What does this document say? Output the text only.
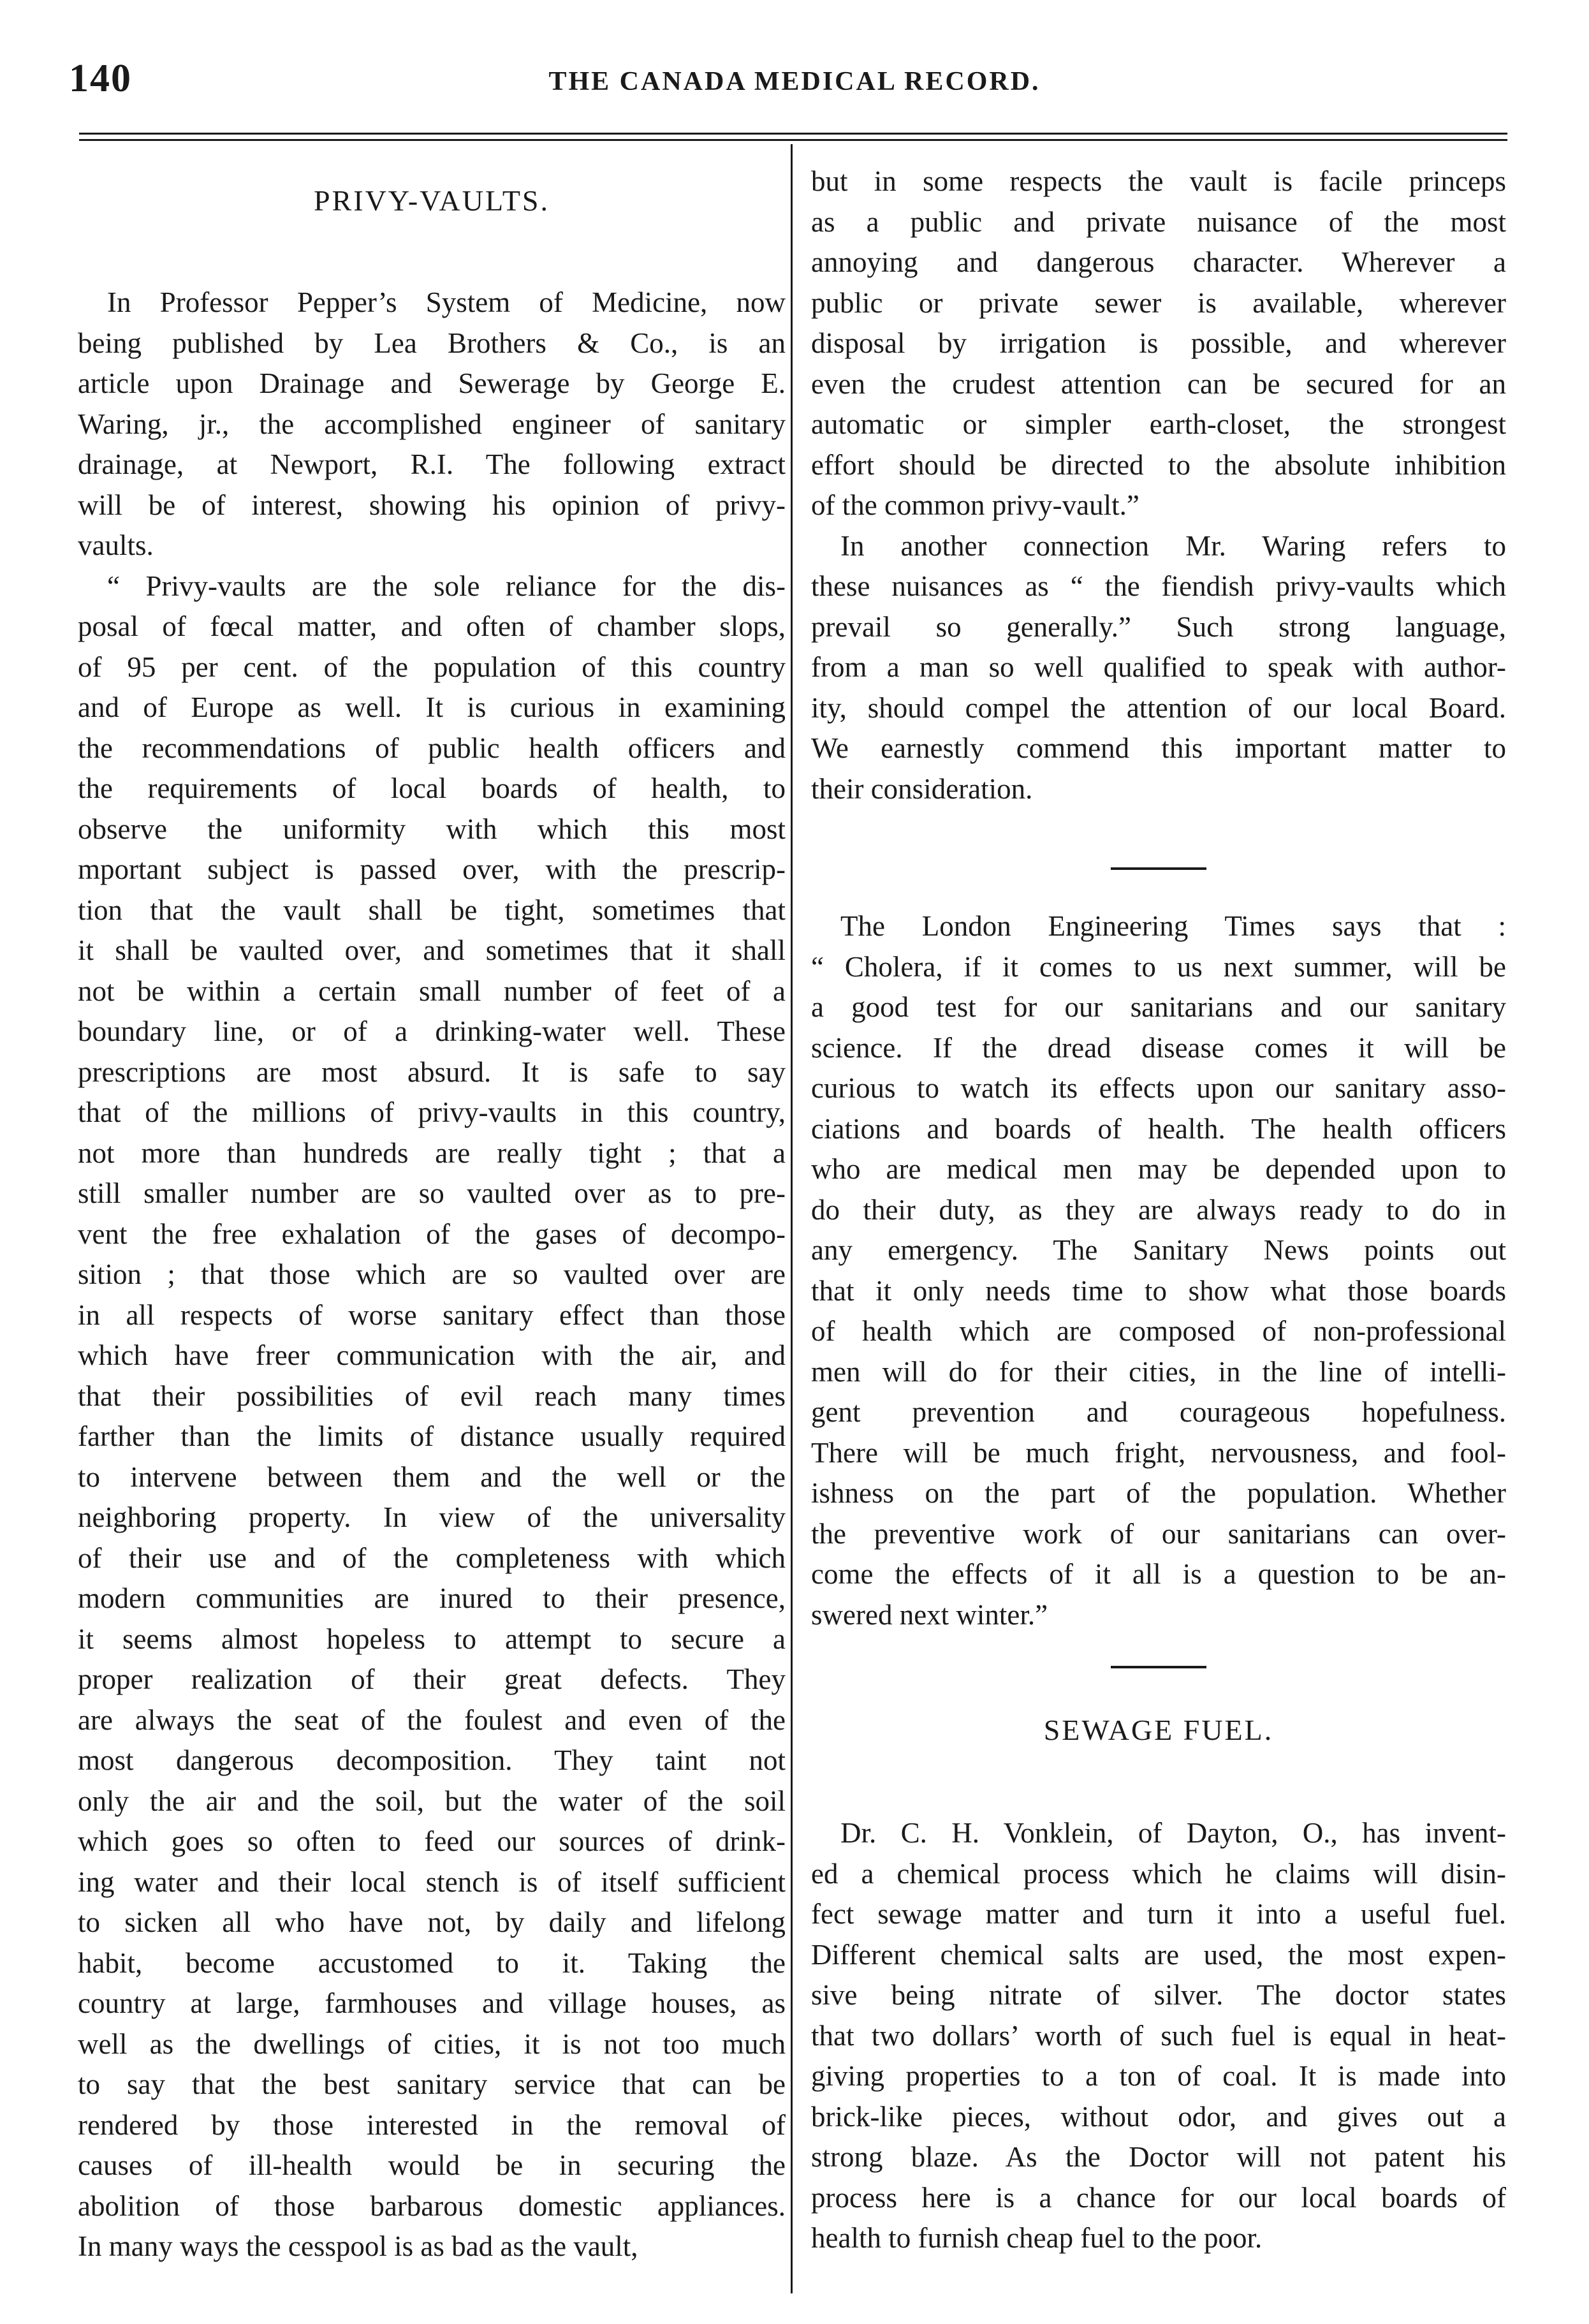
140	THE CANADA MEDICAL RECORD.
PRIVY-VAULTS.
In Professor Pepper’s System of Medicine, now
being published by Lea Brothers & Co., is an
article upon Drainage and Sewerage by George E.
Waring, jr., the accomplished engineer of sanitary
drainage, at Newport, R.I. The following extract
will be of interest, showing his opinion of privy-
vaults.
“ Privy-vaults are the sole reliance for the dis-
posal of fœcal matter, and often of chamber slops,
of 95 per cent. of the population of this country
and of Europe as well. It is curious in examining
the recommendations of public health officers and
the requirements of local boards of health, to
observe the uniformity with which this most
mportant subject is passed over, with the prescrip-
tion that the vault shall be tight, sometimes that
it shall be vaulted over, and sometimes that it shall
not be within a certain small number of feet of a
boundary line, or of a drinking-water well. These
prescriptions are most absurd. It is safe to say
that of the millions of privy-vaults in this country,
not more than hundreds are really tight ; that a
still smaller number are so vaulted over as to pre-
vent the free exhalation of the gases of decompo-
sition ; that those which are so vaulted over are
in all respects of worse sanitary effect than those
which have freer communication with the air, and
that their possibilities of evil reach many times
farther than the limits of distance usually required
to intervene between them and the well or the
neighboring property. In view of the universality
of their use and of the completeness with which
modern communities are inured to their presence,
it seems almost hopeless to attempt to secure a
proper realization of their great defects. They
are always the seat of the foulest and even of the
most dangerous decomposition. They taint not
only the air and the soil, but the water of the soil
which goes so often to feed our sources of drink-
ing water and their local stench is of itself sufficient
to sicken all who have not, by daily and lifelong
habit, become accustomed to it. Taking the
country at large, farmhouses and village houses, as
well as the dwellings of cities, it is not too much
to say that the best sanitary service that can be
rendered by those interested in the removal of
causes of ill-health would be in securing the
abolition of those barbarous domestic appliances.
In many ways the cesspool is as bad as the vault,
but in some respects the vault is facile princeps
as a public and private nuisance of the most
annoying and dangerous character. Wherever a
public or private sewer is available, wherever
disposal by irrigation is possible, and wherever
even the crudest attention can be secured for an
automatic or simpler earth-closet, the strongest
effort should be directed to the absolute inhibition
of the common privy-vault.”
In another connection Mr. Waring refers to
these nuisances as “ the fiendish privy-vaults which
prevail so generally.” Such strong language,
from a man so well qualified to speak with author-
ity, should compel the attention of our local Board.
We earnestly commend this important matter to
their consideration.
The London Engineering Times says that :
“ Cholera, if it comes to us next summer, will be
a good test for our sanitarians and our sanitary
science. If the dread disease comes it will be
curious to watch its effects upon our sanitary asso-
ciations and boards of health. The health officers
who are medical men may be depended upon to
do their duty, as they are always ready to do in
any emergency. The Sanitary News points out
that it only needs time to show what those boards
of health which are composed of non-professional
men will do for their cities, in the line of intelli-
gent prevention and courageous hopefulness.
There will be much fright, nervousness, and fool-
ishness on the part of the population. Whether
the preventive work of our sanitarians can over-
come the effects of it all is a question to be an-
swered next winter.”
SEWAGE FUEL.
Dr. C. H. Vonklein, of Dayton, O., has invent-
ed a chemical process which he claims will disin-
fect sewage matter and turn it into a useful fuel.
Different chemical salts are used, the most expen-
sive being nitrate of silver. The doctor states
that two dollars’ worth of such fuel is equal in heat-
giving properties to a ton of coal. It is made into
brick-like pieces, without odor, and gives out a
strong blaze. As the Doctor will not patent his
process here is a chance for our local boards of
health to furnish cheap fuel to the poor.
